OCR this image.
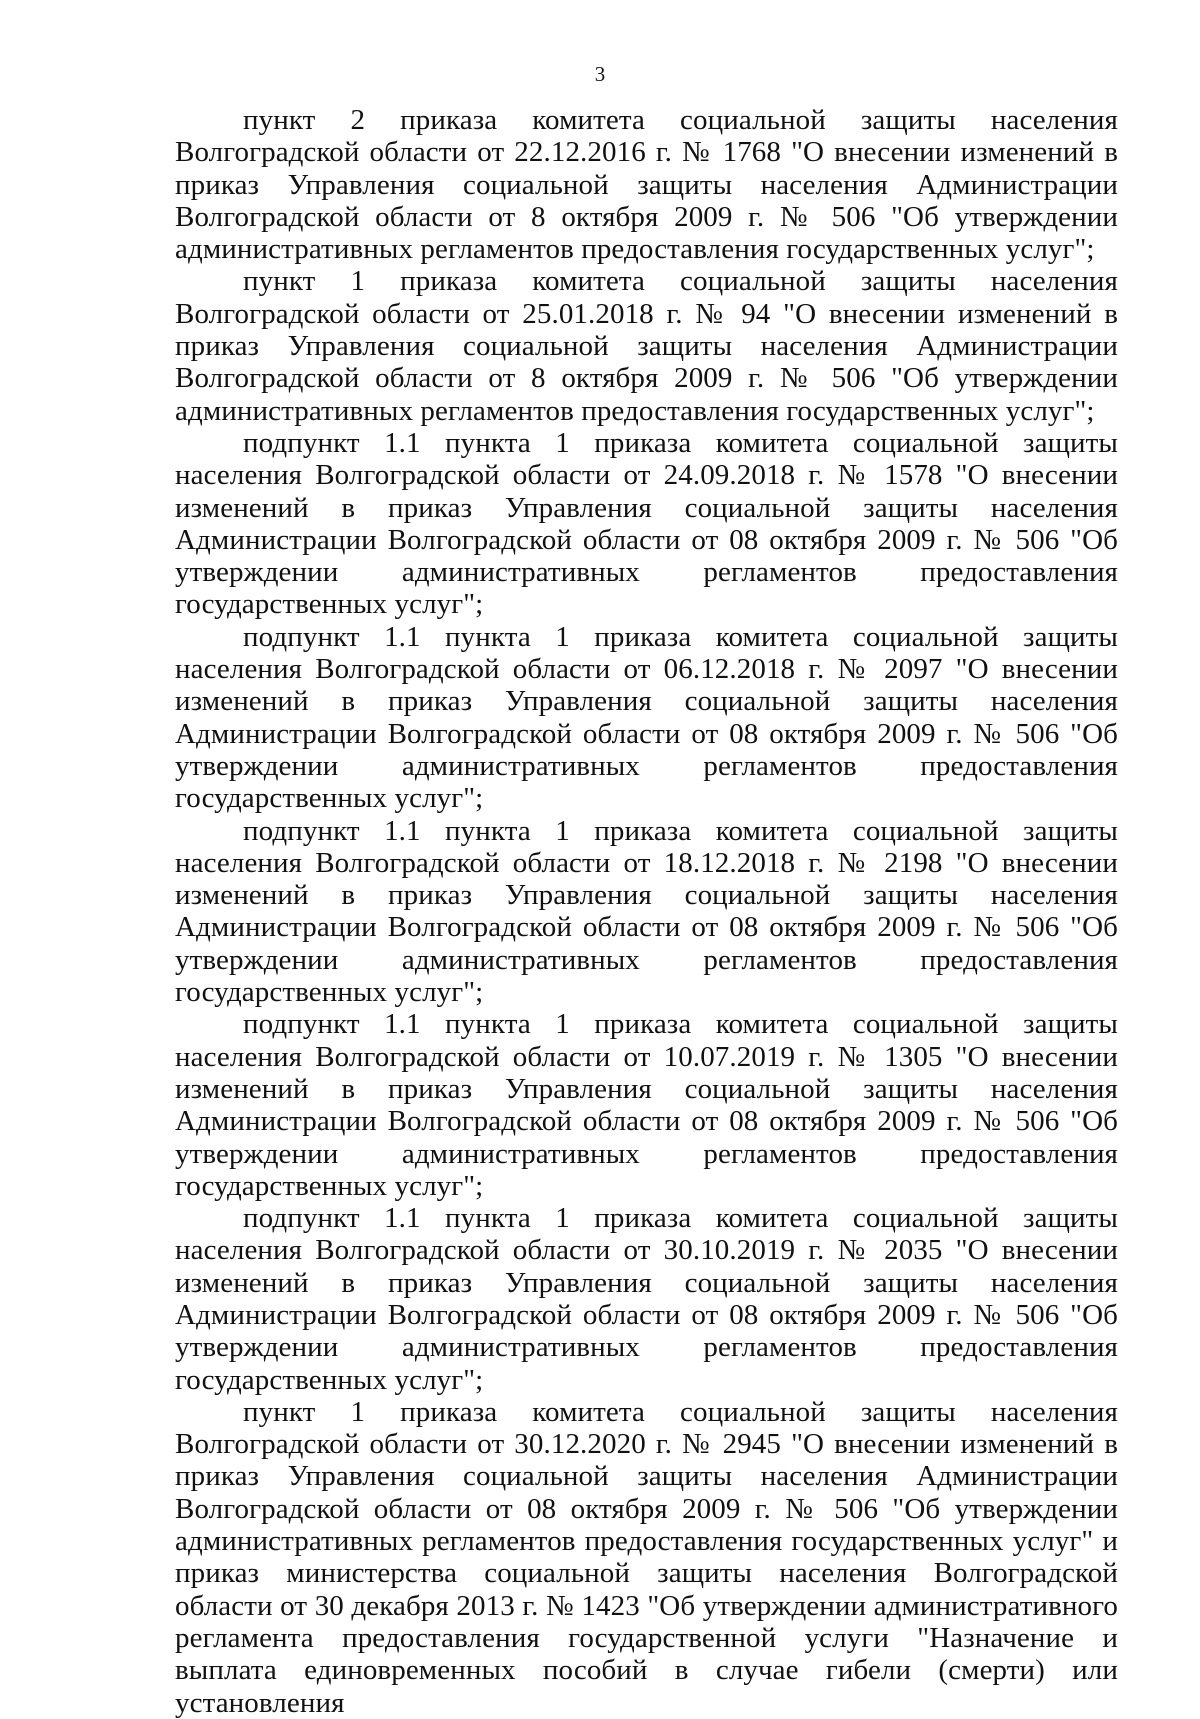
3

пункт 2 приказа комитета социальной защиты населения Волгоградской области от 22.12.2016 г. № 1768 "О внесении изменений в приказ Управления социальной защиты населения Администрации Волгоградской области от 8 октября 2009 г. № 506 "Об утверждении административных регламентов предоставления государственных услуг";

пункт 1 приказа комитета социальной защиты населения Волгоградской области от 25.01.2018 г. № 94 "О внесении изменений в приказ Управления социальной защиты населения Администрации Волгоградской области от 8 октября 2009 г. № 506 "Об утверждении административных регламентов предоставления государственных услуг";

подпункт 1.1 пункта 1 приказа комитета социальной защиты населения Волгоградской области от 24.09.2018 г. № 1578 "О внесении изменений в приказ Управления социальной защиты населения Администрации Волгоградской области от 08 октября 2009 г. № 506 "Об утверждении административных регламентов предоставления государственных услуг";

подпункт 1.1 пункта 1 приказа комитета социальной защиты населения Волгоградской области от 06.12.2018 г. № 2097 "О внесении изменений в приказ Управления социальной защиты населения Администрации Волгоградской области от 08 октября 2009 г. № 506 "Об утверждении административных регламентов предоставления государственных услуг";

подпункт 1.1 пункта 1 приказа комитета социальной защиты населения Волгоградской области от 18.12.2018 г. № 2198 "О внесении изменений в приказ Управления социальной защиты населения Администрации Волгоградской области от 08 октября 2009 г. № 506 "Об утверждении административных регламентов предоставления государственных услуг";

подпункт 1.1 пункта 1 приказа комитета социальной защиты населения Волгоградской области от 10.07.2019 г. № 1305 "О внесении изменений в приказ Управления социальной защиты населения Администрации Волгоградской области от 08 октября 2009 г. № 506 "Об утверждении административных регламентов предоставления государственных услуг";

подпункт 1.1 пункта 1 приказа комитета социальной защиты населения Волгоградской области от 30.10.2019 г. № 2035 "О внесении изменений в приказ Управления социальной защиты населения Администрации Волгоградской области от 08 октября 2009 г. № 506 "Об утверждении административных регламентов предоставления государственных услуг";

пункт 1 приказа комитета социальной защиты населения Волгоградской области от 30.12.2020 г. № 2945 "О внесении изменений в приказ Управления социальной защиты населения Администрации Волгоградской области от 08 октября 2009 г. № 506 "Об утверждении административных регламентов предоставления государственных услуг" и приказ министерства социальной защиты населения Волгоградской области от 30 декабря 2013 г. № 1423 "Об утверждении административного регламента предоставления государственной услуги "Назначение и выплата единовременных пособий в случае гибели (смерти) или установления
